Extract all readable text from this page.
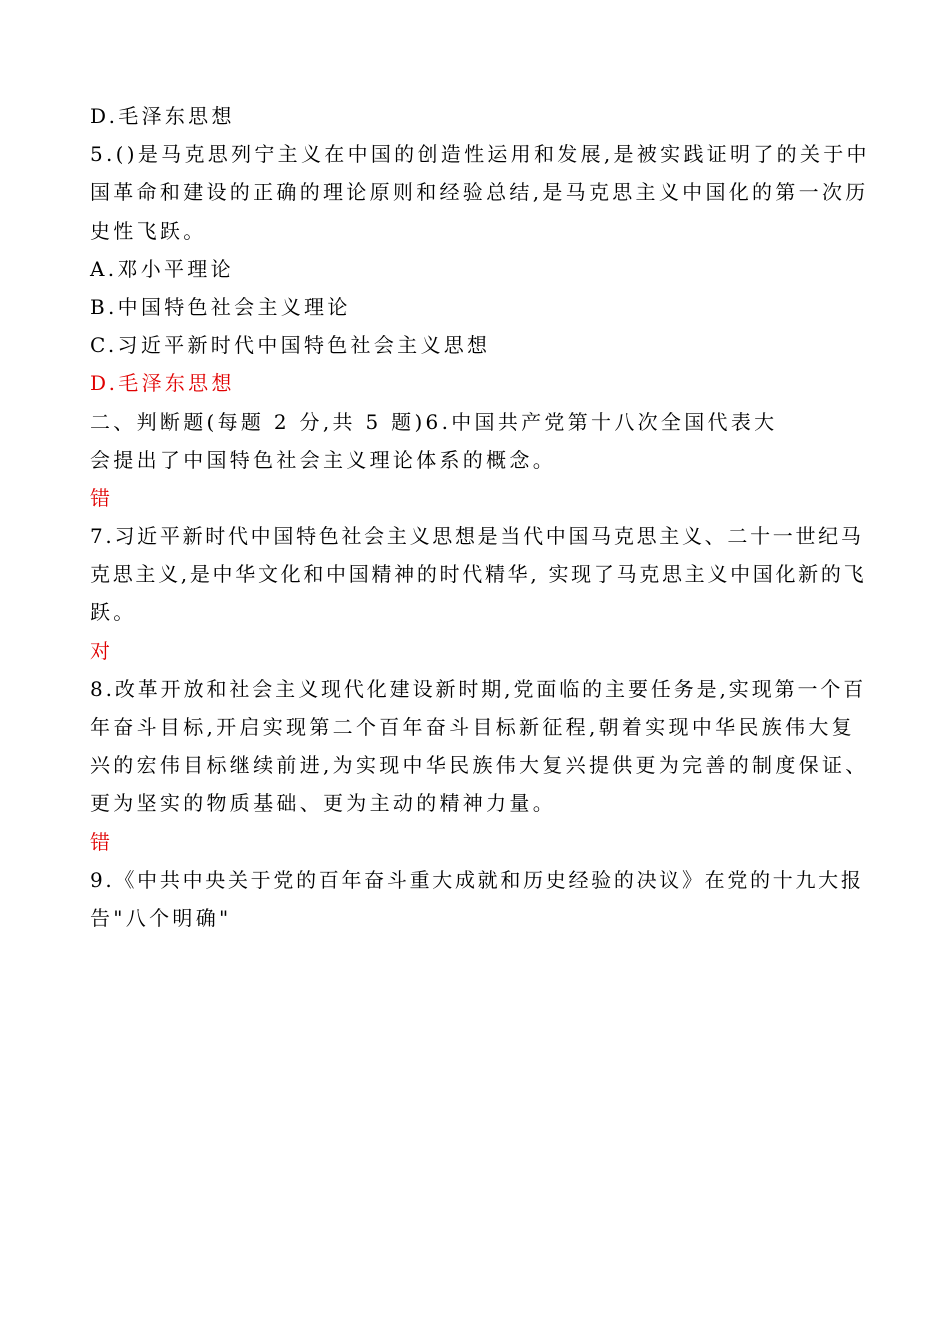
D.毛泽东思想
5.()是马克思列宁主义在中国的创造性运用和发展,是被实践证明了的关于中
国革命和建设的正确的理论原则和经验总结,是马克思主义中国化的第一次历
史性飞跃。
A.邓小平理论
B.中国特色社会主义理论
C.习近平新时代中国特色社会主义思想
D.毛泽东思想
二、判断题(每题 2 分,共 5 题)6.中国共产党第十八次全国代表大
会提出了中国特色社会主义理论体系的概念。
错
7.习近平新时代中国特色社会主义思想是当代中国马克思主义、二十一世纪马
克思主义,是中华文化和中国精神的时代精华, 实现了马克思主义中国化新的飞
跃。
对
8.改革开放和社会主义现代化建设新时期,党面临的主要任务是,实现第一个百
年奋斗目标,开启实现第二个百年奋斗目标新征程,朝着实现中华民族伟大复
兴的宏伟目标继续前进,为实现中华民族伟大复兴提供更为完善的制度保证、
更为坚实的物质基础、更为主动的精神力量。
错
9.《中共中央关于党的百年奋斗重大成就和历史经验的决议》在党的十九大报
告"八个明确"
